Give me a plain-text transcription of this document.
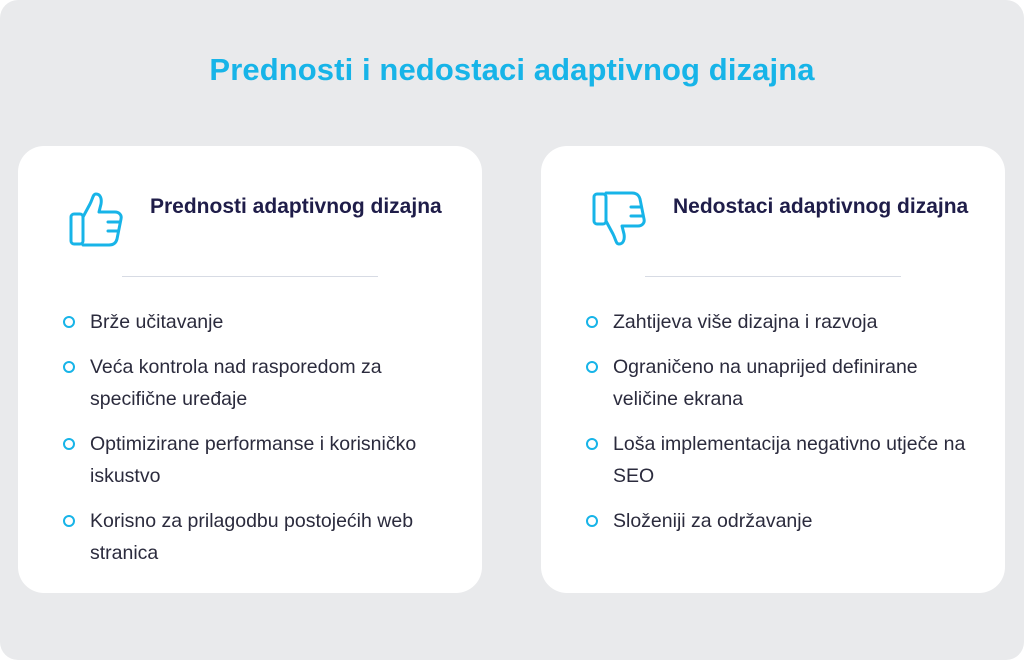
Prednosti i nedostaci adaptivnog dizajna
Prednosti adaptivnog dizajna
Brže učitavanje
Veća kontrola nad rasporedom za specifične uređaje
Optimizirane performanse i korisničko iskustvo
Korisno za prilagodbu postojećih web stranica
Nedostaci adaptivnog dizajna
Zahtijeva više dizajna i razvoja
Ograničeno na unaprijed definirane veličine ekrana
Loša implementacija negativno utječe na SEO
Složeniji za održavanje
